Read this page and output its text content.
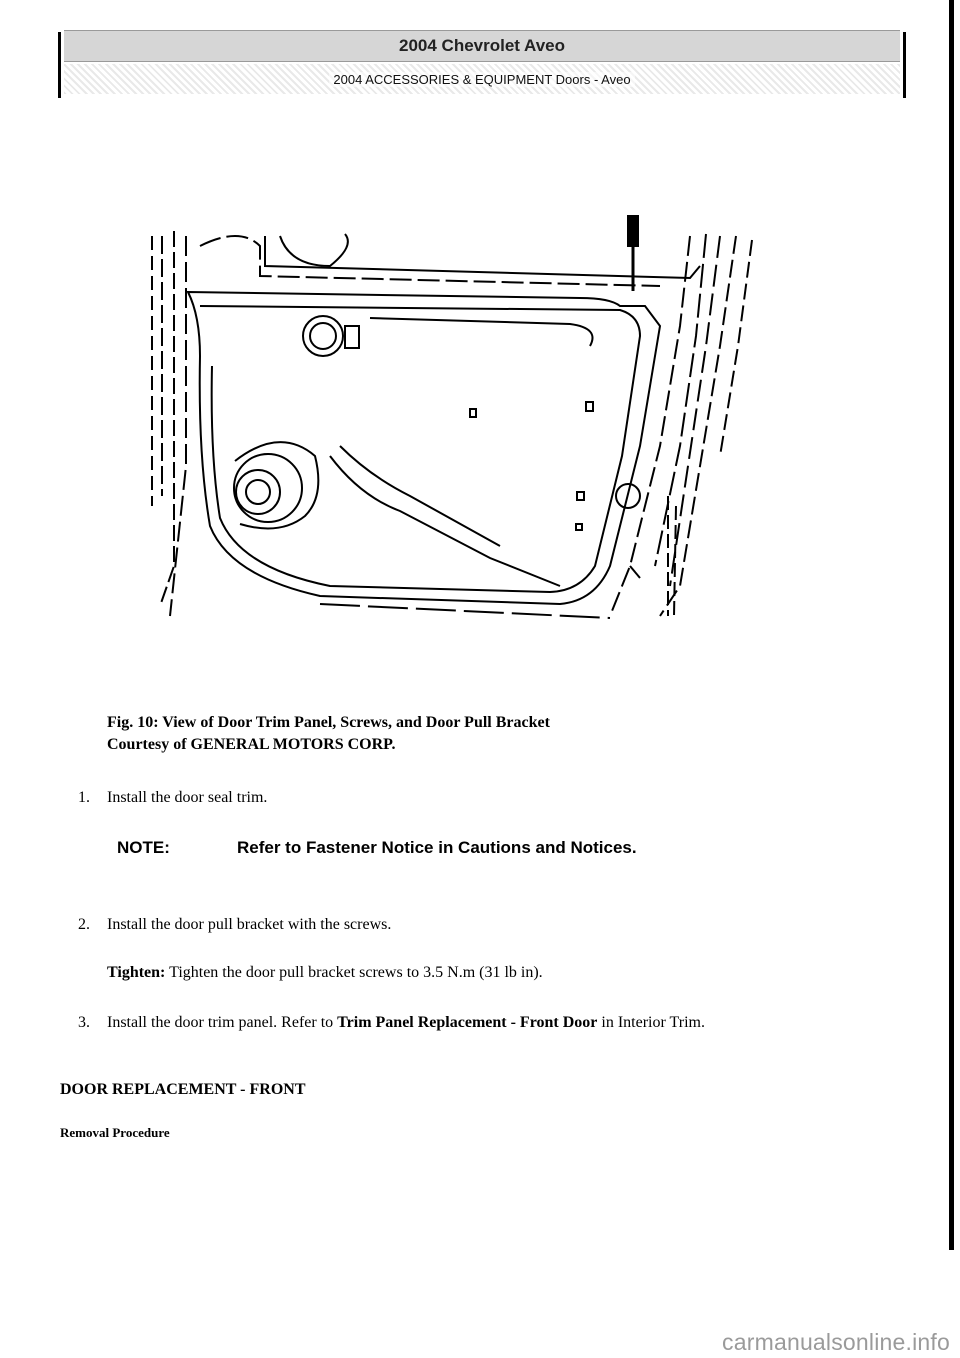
2004 Chevrolet Aveo
2004 ACCESSORIES & EQUIPMENT Doors - Aveo
Fig. 10: View of Door Trim Panel, Screws, and Door Pull Bracket
Courtesy of GENERAL MOTORS CORP.
1.	Install the door seal trim.
NOTE:	Refer to Fastener Notice in Cautions and Notices.
2.	Install the door pull bracket with the screws.
Tighten: Tighten the door pull bracket screws to 3.5 N.m (31 lb in).
3.	Install the door trim panel. Refer to Trim Panel Replacement - Front Door in Interior Trim.
DOOR REPLACEMENT - FRONT
Removal Procedure
carmanualsonline.info
